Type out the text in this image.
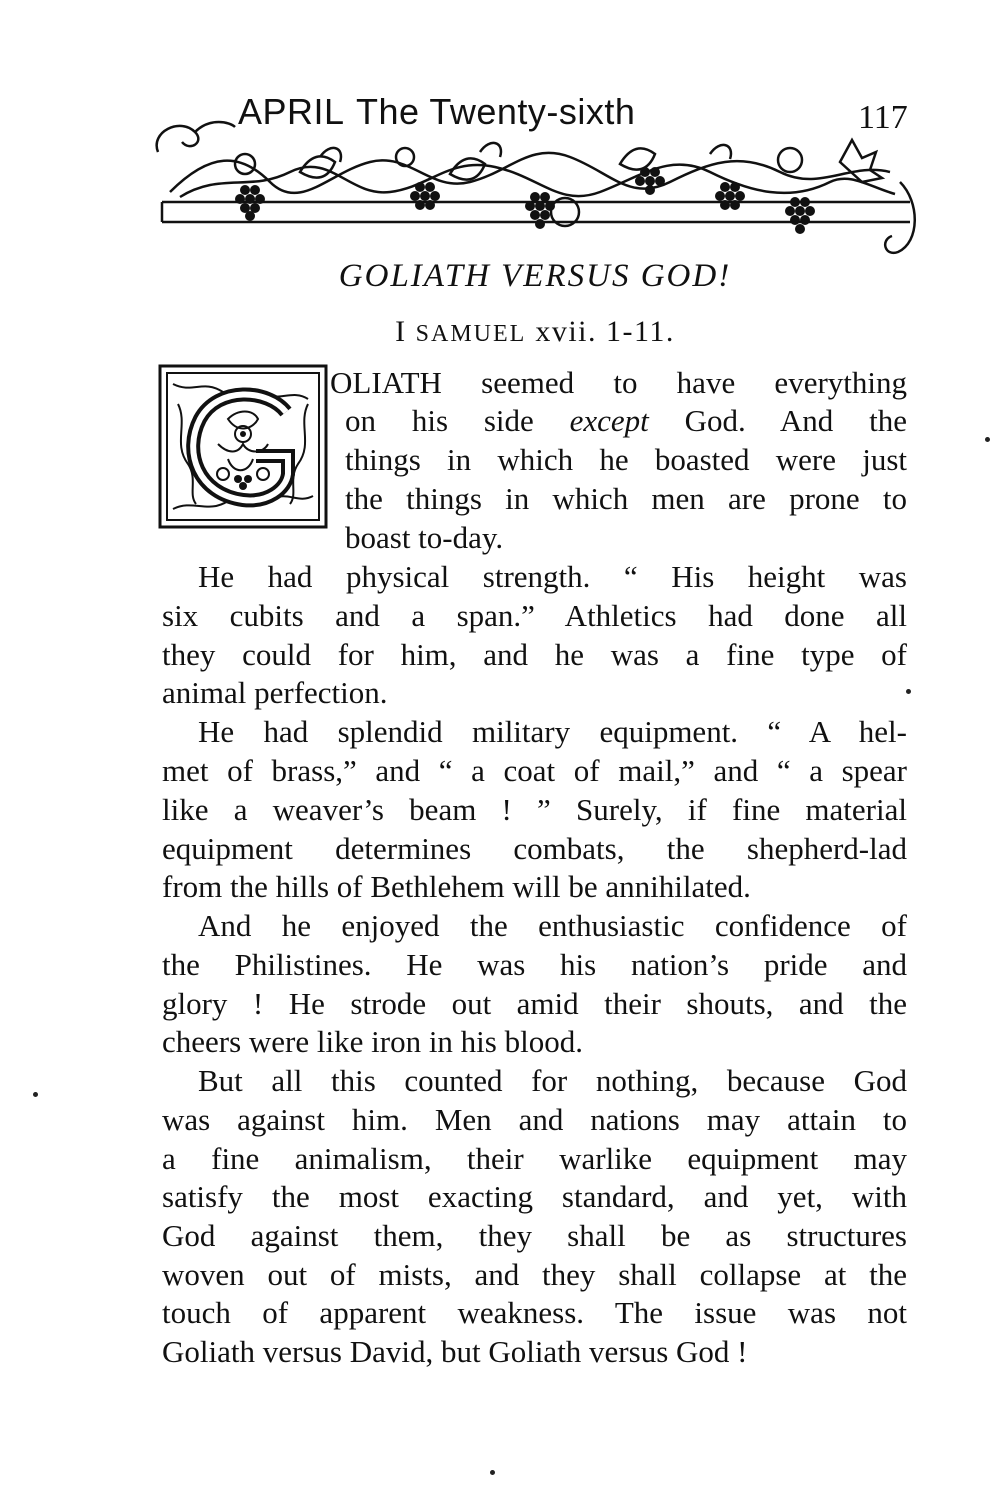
APRIL The Twenty-sixth	117
GOLIATH VERSUS GOD!
I SAMUEL xvii. 1-11.
OLIATH seemed to have everything
on his side except God. And the
things in which he boasted were just
the things in which men are prone to
boast to-day.
He had physical strength. “ His height was
six cubits and a span.” Athletics had done all
they could for him, and he was a fine type of
animal perfection.
He had splendid military equipment. “ A hel-
met of brass,” and “ a coat of mail,” and “ a spear
like a weaver’s beam ! ” Surely, if fine material
equipment determines combats, the shepherd-lad
from the hills of Bethlehem will be annihilated.
And he enjoyed the enthusiastic confidence of
the Philistines. He was his nation’s pride and
glory ! He strode out amid their shouts, and the
cheers were like iron in his blood.
But all this counted for nothing, because God
was against him. Men and nations may attain to
a fine animalism, their warlike equipment may
satisfy the most exacting standard, and yet, with
God against them, they shall be as structures
woven out of mists, and they shall collapse at the
touch of apparent weakness. The issue was not
Goliath versus David, but Goliath versus God !
